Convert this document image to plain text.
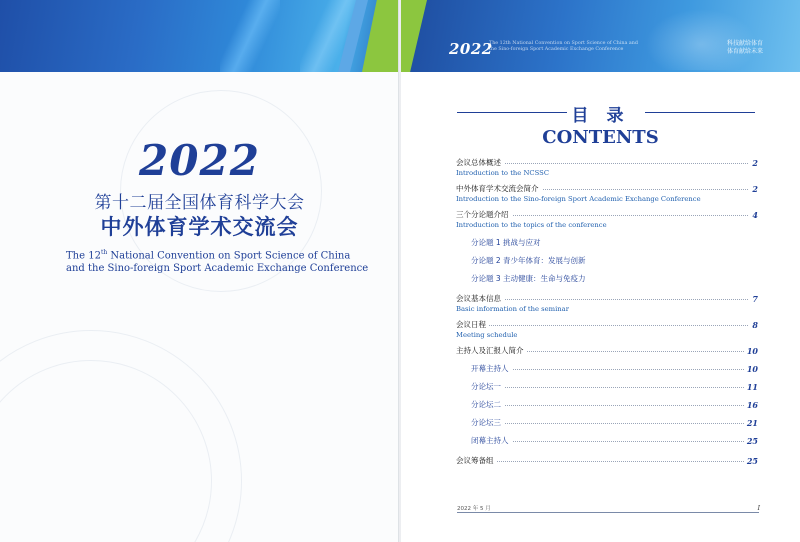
2022
第十二届全国体育科学大会
中外体育学术交流会
The 12th National Convention on Sport Science of China
and the Sino-foreign Sport Academic Exchange Conference
2022
The 12th National Convention on Sport Science of China and the Sino-foreign Sport Academic Exchange Conference
科技献给体育
体育献给未来
目 录
CONTENTS
会议总体概述	2
Introduction to the NCSSC
中外体育学术交流会简介	2
Introduction to the Sino-foreign Sport Academic Exchange Conference
三个分论题介绍	4
Introduction to the topics of the conference
分论题 1 挑战与应对
分论题 2 青少年体育：发展与创新
分论题 3 主动健康：生命与免疫力
会议基本信息	7
Basic information of the seminar
会议日程	8
Meeting schedule
主持人及汇报人简介	10
开幕主持人	10
分论坛一	11
分论坛二	16
分论坛三	21
闭幕主持人	25
会议筹备组	25
2022 年 5 月	I
